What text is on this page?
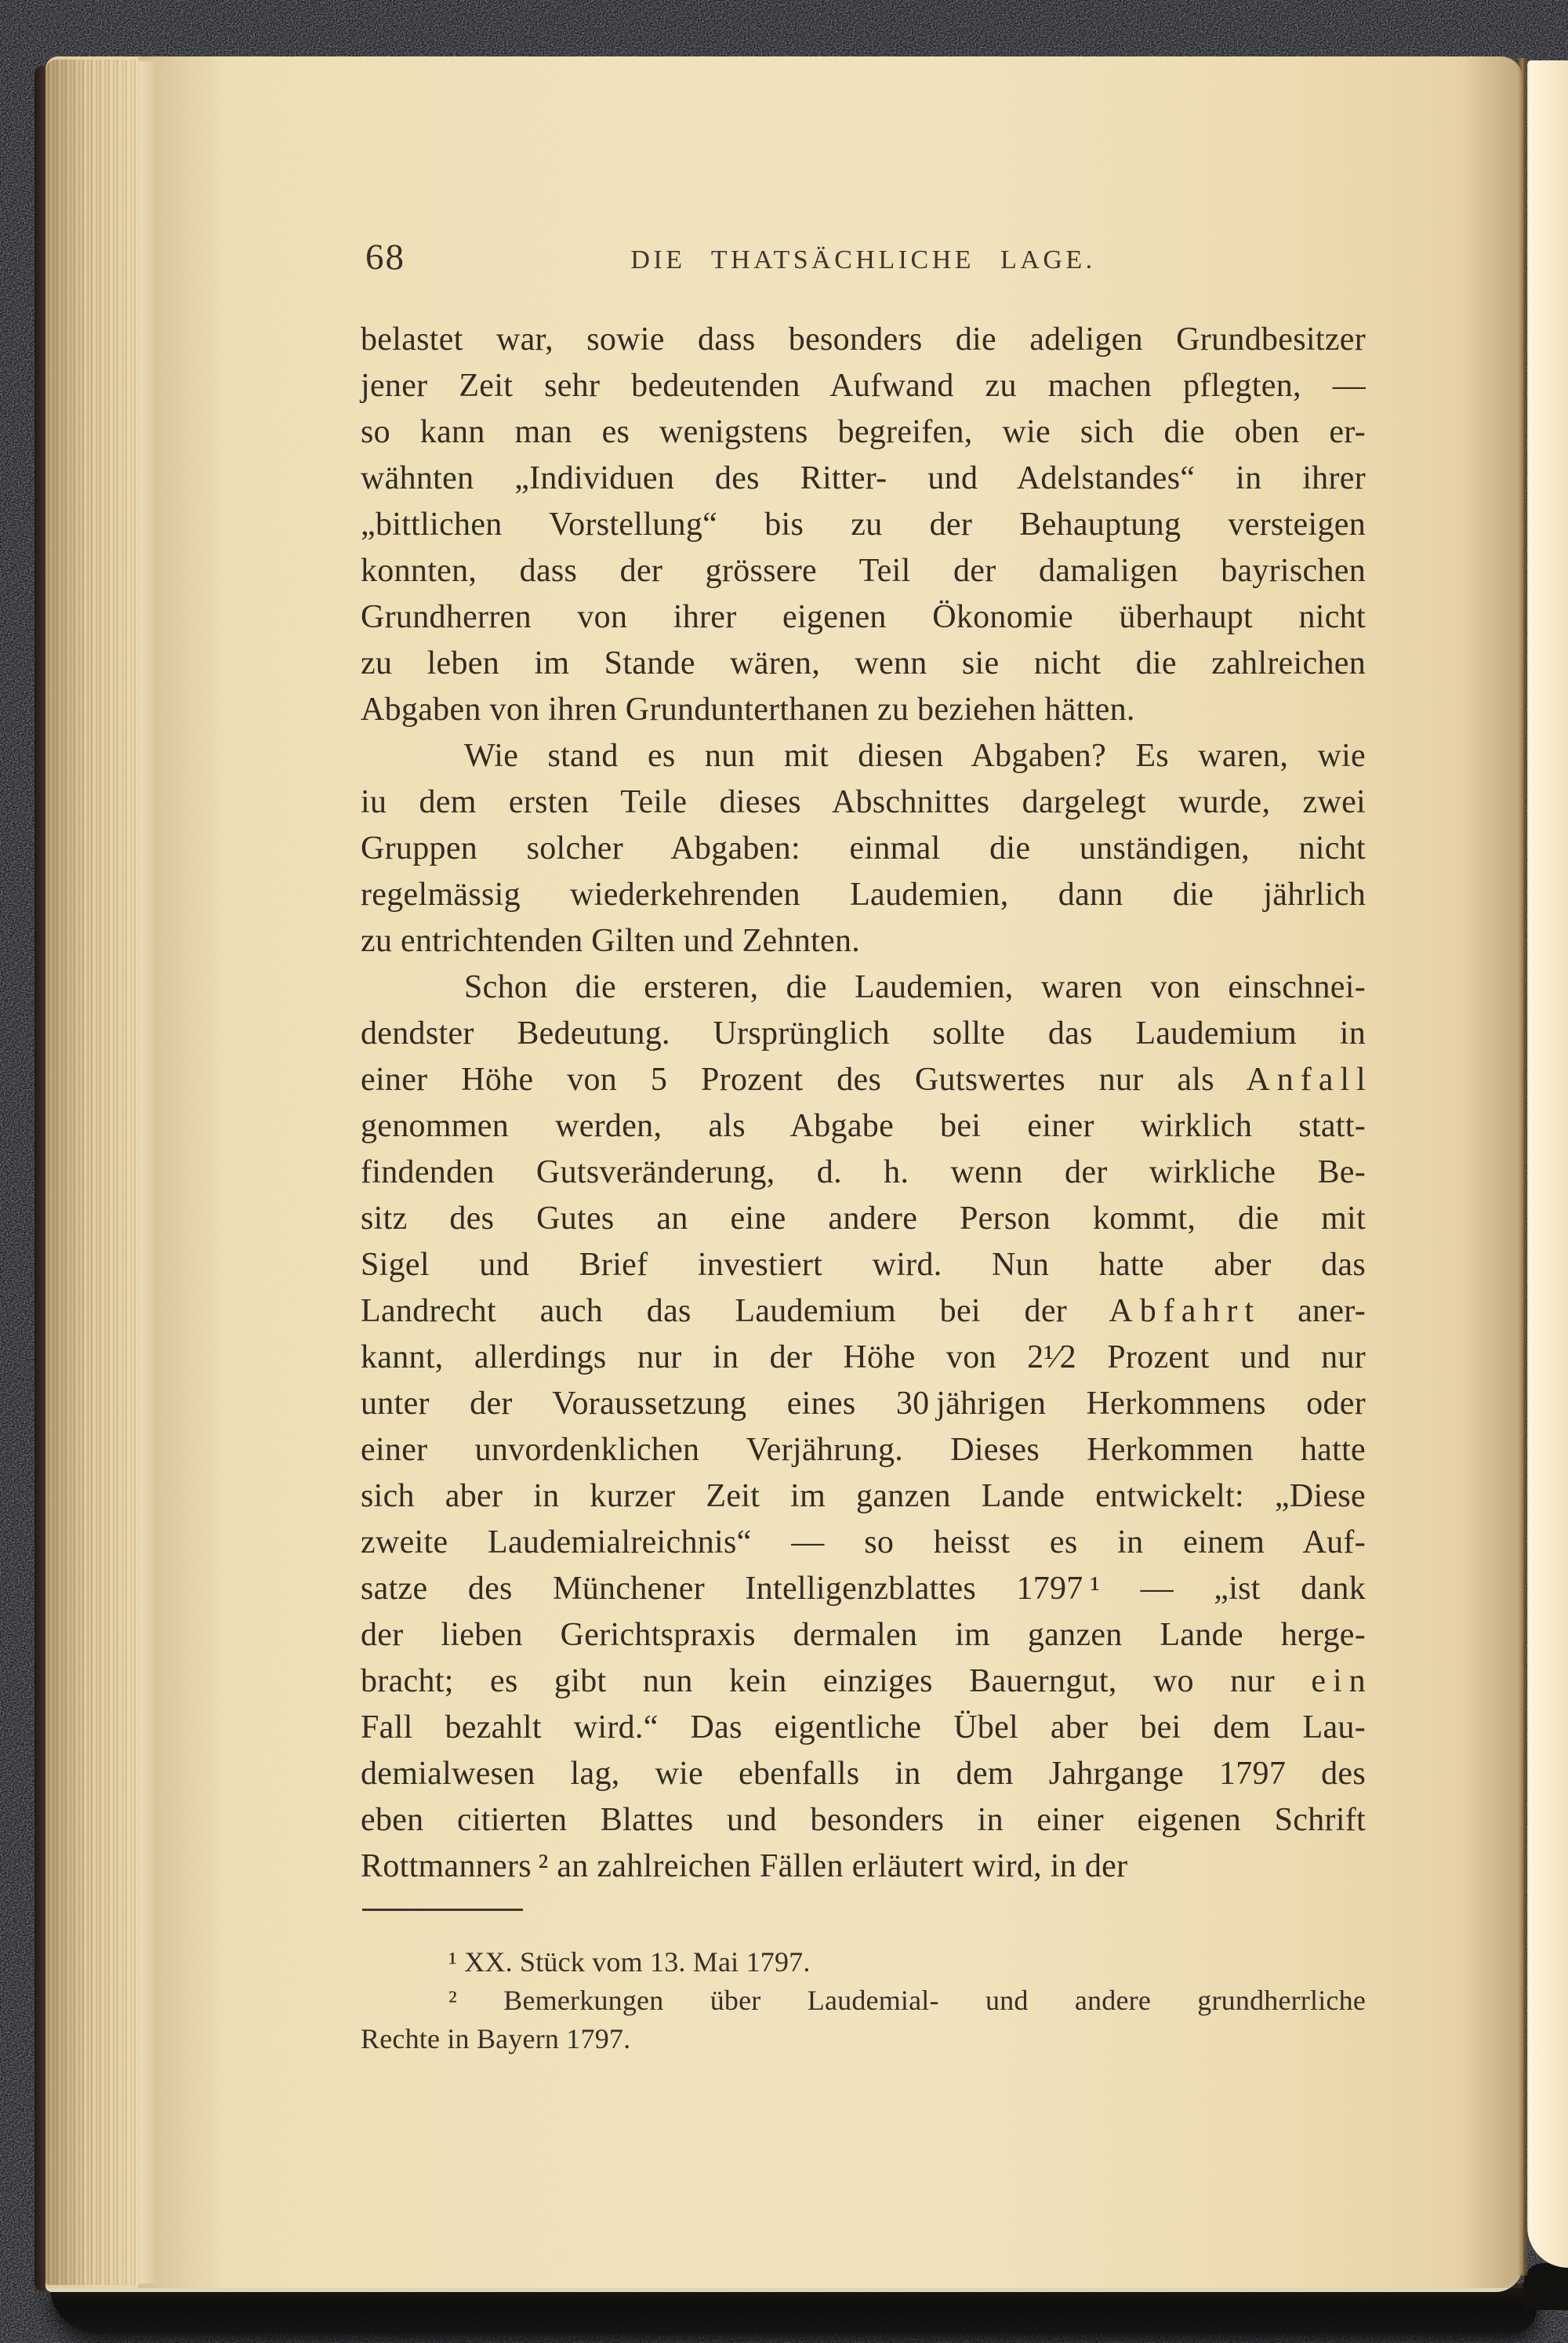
68	DIE THATSÄCHLICHE LAGE.
belastet war, sowie dass besonders die adeligen Grundbesitzer
jener Zeit sehr bedeutenden Aufwand zu machen pflegten, —
so kann man es wenigstens begreifen, wie sich die oben er-
wähnten „Individuen des Ritter- und Adelstandes“ in ihrer
„bittlichen Vorstellung“ bis zu der Behauptung versteigen
konnten, dass der grössere Teil der damaligen bayrischen
Grundherren von ihrer eigenen Ökonomie überhaupt nicht
zu leben im Stande wären, wenn sie nicht die zahlreichen
Abgaben von ihren Grundunterthanen zu beziehen hätten.
Wie stand es nun mit diesen Abgaben? Es waren, wie
iu dem ersten Teile dieses Abschnittes dargelegt wurde, zwei
Gruppen solcher Abgaben: einmal die unständigen, nicht
regelmässig wiederkehrenden Laudemien, dann die jährlich
zu entrichtenden Gilten und Zehnten.
Schon die ersteren, die Laudemien, waren von einschnei-
dendster Bedeutung. Ursprünglich sollte das Laudemium in
einer Höhe von 5 Prozent des Gutswertes nur als A n f a l l
genommen werden, als Abgabe bei einer wirklich statt-
findenden Gutsveränderung, d. h. wenn der wirkliche Be-
sitz des Gutes an eine andere Person kommt, die mit
Sigel und Brief investiert wird. Nun hatte aber das
Landrecht auch das Laudemium bei der A b f a h r t aner-
kannt, allerdings nur in der Höhe von 2¹⁄2 Prozent und nur
unter der Voraussetzung eines 30 jährigen Herkommens oder
einer unvordenklichen Verjährung. Dieses Herkommen hatte
sich aber in kurzer Zeit im ganzen Lande entwickelt: „Diese
zweite Laudemialreichnis“ — so heisst es in einem Auf-
satze des Münchener Intelligenzblattes 1797 ¹ — „ist dank
der lieben Gerichtspraxis dermalen im ganzen Lande herge-
bracht; es gibt nun kein einziges Bauerngut, wo nur e i n
Fall bezahlt wird.“ Das eigentliche Übel aber bei dem Lau-
demialwesen lag, wie ebenfalls in dem Jahrgange 1797 des
eben citierten Blattes und besonders in einer eigenen Schrift
Rottmanners ² an zahlreichen Fällen erläutert wird, in der
¹ XX. Stück vom 13. Mai 1797.
² Bemerkungen über Laudemial- und andere grundherrliche
Rechte in Bayern 1797.
